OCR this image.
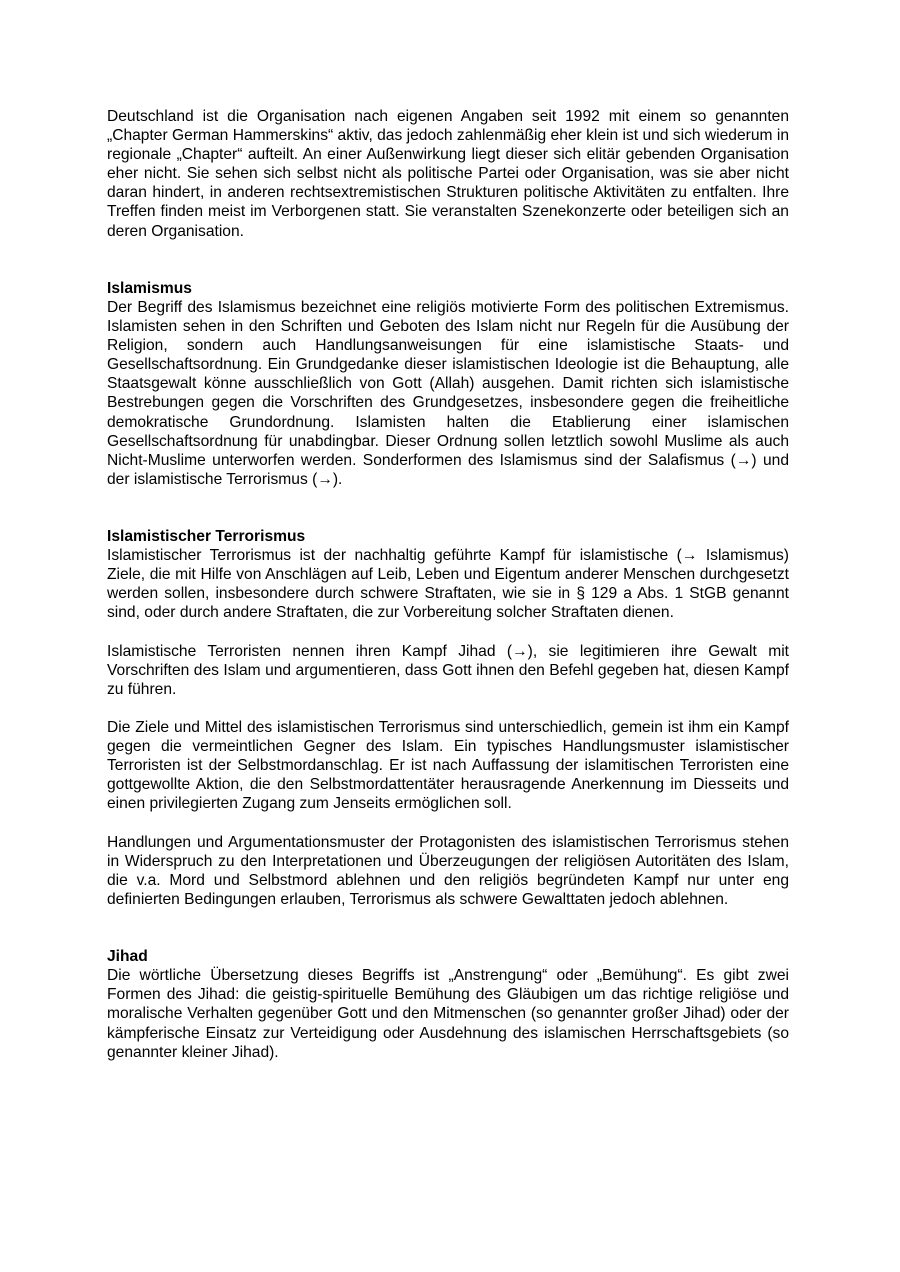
Deutschland ist die Organisation nach eigenen Angaben seit 1992 mit einem so genannten „Chapter German Hammerskins“ aktiv, das jedoch zahlenmäßig eher klein ist und sich wiederum in regionale „Chapter“ aufteilt. An einer Außenwirkung liegt dieser sich elitär gebenden Organisation eher nicht. Sie sehen sich selbst nicht als politische Partei oder Organisation, was sie aber nicht daran hindert, in anderen rechtsextremistischen Strukturen politische Aktivitäten zu entfalten. Ihre Treffen finden meist im Verborgenen statt. Sie veranstalten Szenekonzerte oder beteiligen sich an deren Organisation.

Islamismus

Der Begriff des Islamismus bezeichnet eine religiös motivierte Form des politischen Extremismus. Islamisten sehen in den Schriften und Geboten des Islam nicht nur Regeln für die Ausübung der Religion, sondern auch Handlungsanweisungen für eine islamistische Staats- und Gesellschaftsordnung. Ein Grundgedanke dieser islamistischen Ideologie ist die Behauptung, alle Staatsgewalt könne ausschließlich von Gott (Allah) ausgehen. Damit richten sich islamistische Bestrebungen gegen die Vorschriften des Grundgesetzes, insbesondere gegen die freiheitliche demokratische Grundordnung. Islamisten halten die Etablierung einer islamischen Gesellschaftsordnung für unabdingbar. Dieser Ordnung sollen letztlich sowohl Muslime als auch Nicht-Muslime unterworfen werden. Sonderformen des Islamismus sind der Salafismus (→) und der islamistische Terrorismus (→).

Islamistischer Terrorismus

Islamistischer Terrorismus ist der nachhaltig geführte Kampf für islamistische (→ Islamismus) Ziele, die mit Hilfe von Anschlägen auf Leib, Leben und Eigentum anderer Menschen durchgesetzt werden sollen, insbesondere durch schwere Straftaten, wie sie in § 129 a Abs. 1 StGB genannt sind, oder durch andere Straftaten, die zur Vorbereitung solcher Straftaten dienen.

Islamistische Terroristen nennen ihren Kampf Jihad (→), sie legitimieren ihre Gewalt mit Vorschriften des Islam und argumentieren, dass Gott ihnen den Befehl gegeben hat, diesen Kampf zu führen.

Die Ziele und Mittel des islamistischen Terrorismus sind unterschiedlich, gemein ist ihm ein Kampf gegen die vermeintlichen Gegner des Islam. Ein typisches Handlungsmuster islamistischer Terroristen ist der Selbstmordanschlag. Er ist nach Auffassung der islamitischen Terroristen eine gottgewollte Aktion, die den Selbstmordattentäter herausragende Anerkennung im Diesseits und einen privilegierten Zugang zum Jenseits ermöglichen soll.

Handlungen und Argumentationsmuster der Protagonisten des islamistischen Terrorismus stehen in Widerspruch zu den Interpretationen und Überzeugungen der religiösen Autoritäten des Islam, die v.a. Mord und Selbstmord ablehnen und den religiös begründeten Kampf nur unter eng definierten Bedingungen erlauben, Terrorismus als schwere Gewalttaten jedoch ablehnen.

Jihad

Die wörtliche Übersetzung dieses Begriffs ist „Anstrengung“ oder „Bemühung“. Es gibt zwei Formen des Jihad: die geistig-spirituelle Bemühung des Gläubigen um das richtige religiöse und moralische Verhalten gegenüber Gott und den Mitmenschen (so genannter großer Jihad) oder der kämpferische Einsatz zur Verteidigung oder Ausdehnung des islamischen Herrschaftsgebiets (so genannter kleiner Jihad).
